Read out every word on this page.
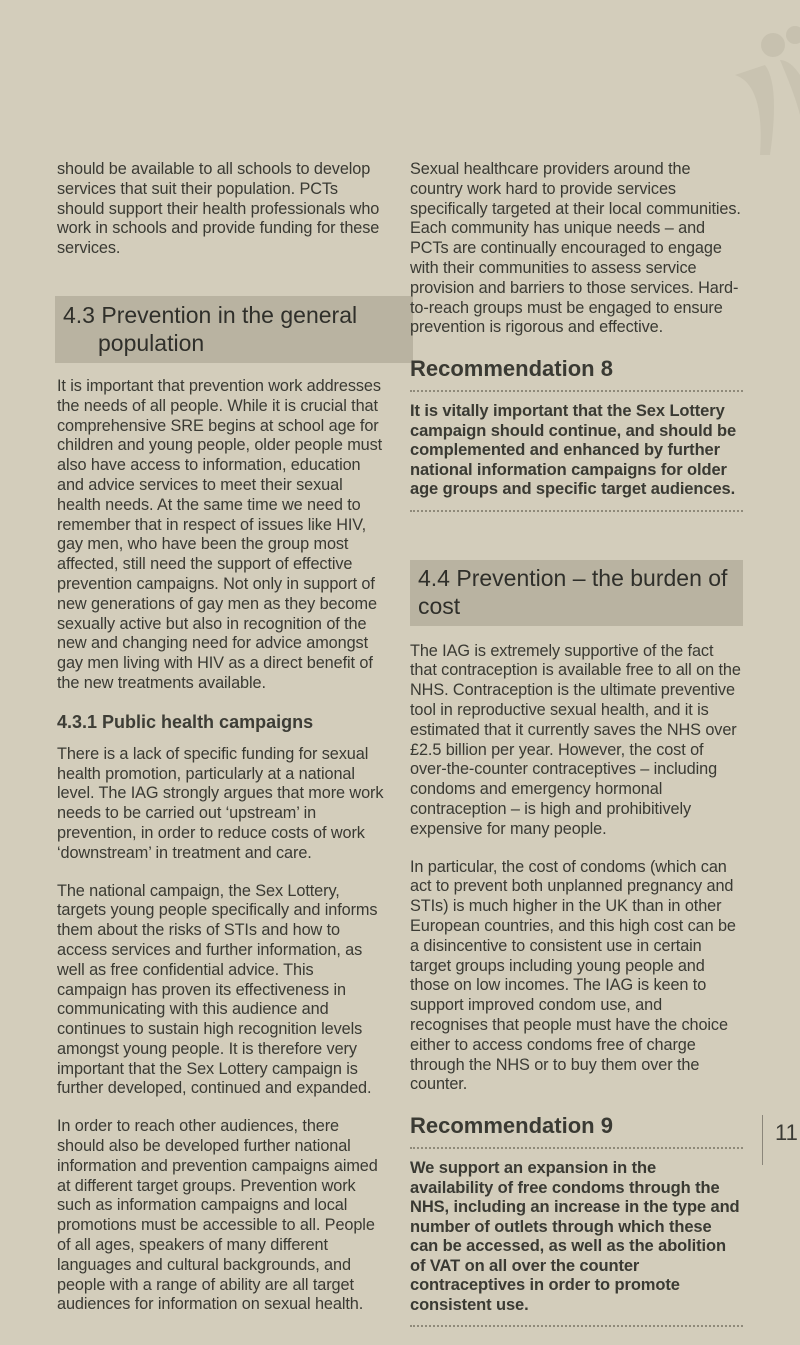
should be available to all schools to develop services that suit their population. PCTs should support their health professionals who work in schools and provide funding for these services.

4.3 Prevention in the general
population

It is important that prevention work addresses the needs of all people. While it is crucial that comprehensive SRE begins at school age for children and young people, older people must also have access to information, education and advice services to meet their sexual health needs. At the same time we need to remember that in respect of issues like HIV, gay men, who have been the group most affected, still need the support of effective prevention campaigns. Not only in support of new generations of gay men as they become sexually active but also in recognition of the new and changing need for advice amongst gay men living with HIV as a direct benefit of the new treatments available.

4.3.1 Public health campaigns

There is a lack of specific funding for sexual health promotion, particularly at a national level. The IAG strongly argues that more work needs to be carried out ‘upstream’ in prevention, in order to reduce costs of work ‘downstream’ in treatment and care.

The national campaign, the Sex Lottery, targets young people specifically and informs them about the risks of STIs and how to access services and further information, as well as free confidential advice. This campaign has proven its effectiveness in communicating with this audience and continues to sustain high recognition levels amongst young people. It is therefore very important that the Sex Lottery campaign is further developed, continued and expanded.

In order to reach other audiences, there should also be developed further national information and prevention campaigns aimed at different target groups. Prevention work such as information campaigns and local promotions must be accessible to all. People of all ages, speakers of many different languages and cultural backgrounds, and people with a range of ability are all target audiences for information on sexual health.

Sexual healthcare providers around the country work hard to provide services specifically targeted at their local communities. Each community has unique needs – and PCTs are continually encouraged to engage with their communities to assess service provision and barriers to those services. Hard-to-reach groups must be engaged to ensure prevention is rigorous and effective.

Recommendation 8

It is vitally important that the Sex Lottery campaign should continue, and should be complemented and enhanced by further national information campaigns for older age groups and specific target audiences.

4.4 Prevention – the burden of cost

The IAG is extremely supportive of the fact that contraception is available free to all on the NHS. Contraception is the ultimate preventive tool in reproductive sexual health, and it is estimated that it currently saves the NHS over £2.5 billion per year. However, the cost of over-the-counter contraceptives – including condoms and emergency hormonal contraception – is high and prohibitively expensive for many people.

In particular, the cost of condoms (which can act to prevent both unplanned pregnancy and STIs) is much higher in the UK than in other European countries, and this high cost can be a disincentive to consistent use in certain target groups including young people and those on low incomes. The IAG is keen to support improved condom use, and recognises that people must have the choice either to access condoms free of charge through the NHS or to buy them over the counter.

Recommendation 9

We support an expansion in the availability of free condoms through the NHS, including an increase in the type and number of outlets through which these can be accessed, as well as the abolition of VAT on all over the counter contraceptives in order to promote consistent use.

11
